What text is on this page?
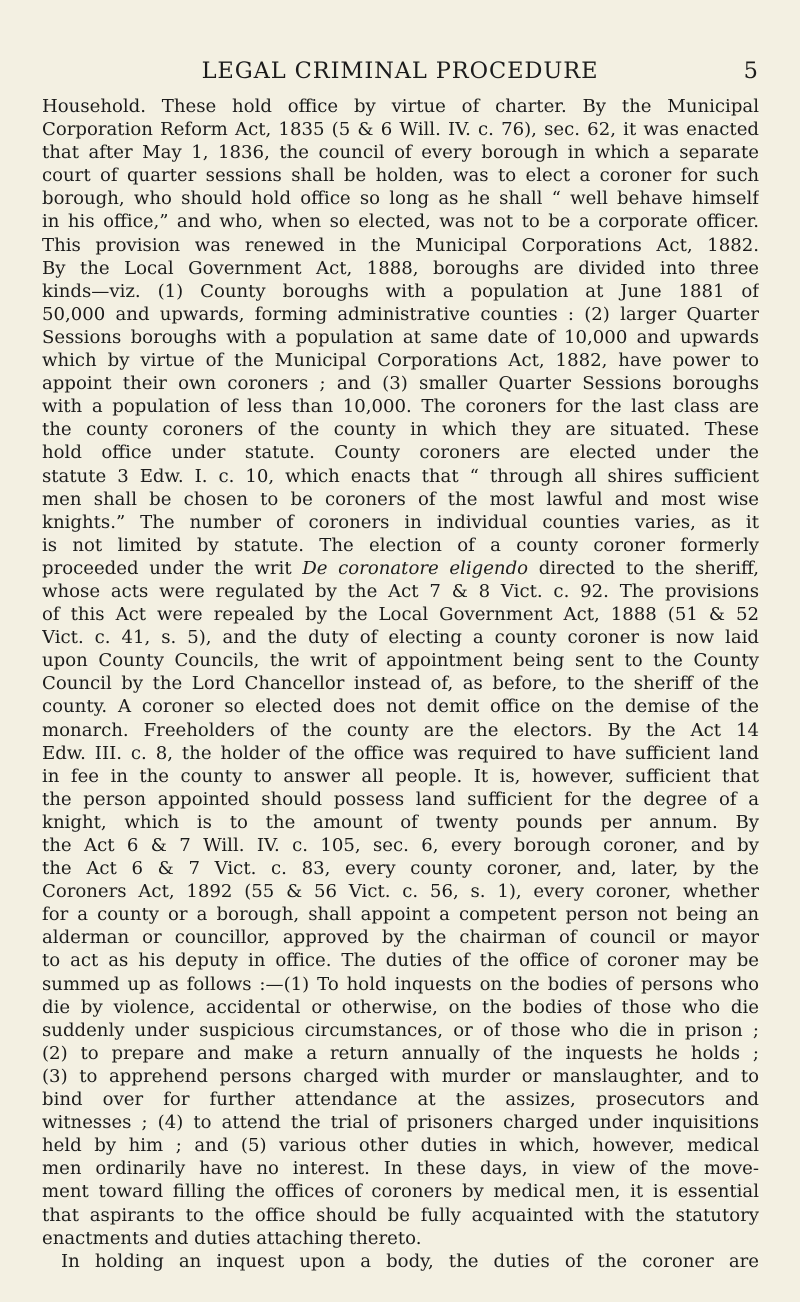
LEGAL CRIMINAL PROCEDURE	5
Household. These hold office by virtue of charter. By the Municipal
Corporation Reform Act, 1835 (5 & 6 Will. IV. c. 76), sec. 62, it was enacted
that after May 1, 1836, the council of every borough in which a separate
court of quarter sessions shall be holden, was to elect a coroner for such
borough, who should hold office so long as he shall “ well behave himself
in his office,” and who, when so elected, was not to be a corporate officer.
This provision was renewed in the Municipal Corporations Act, 1882.
By the Local Government Act, 1888, boroughs are divided into three
kinds—viz. (1) County boroughs with a population at June 1881 of
50,000 and upwards, forming administrative counties : (2) larger Quarter
Sessions boroughs with a population at same date of 10,000 and upwards
which by virtue of the Municipal Corporations Act, 1882, have power to
appoint their own coroners ; and (3) smaller Quarter Sessions boroughs
with a population of less than 10,000. The coroners for the last class are
the county coroners of the county in which they are situated. These
hold office under statute. County coroners are elected under the
statute 3 Edw. I. c. 10, which enacts that “ through all shires sufficient
men shall be chosen to be coroners of the most lawful and most wise
knights.” The number of coroners in individual counties varies, as it
is not limited by statute. The election of a county coroner formerly
proceeded under the writ De coronatore eligendo directed to the sheriff,
whose acts were regulated by the Act 7 & 8 Vict. c. 92. The provisions
of this Act were repealed by the Local Government Act, 1888 (51 & 52
Vict. c. 41, s. 5), and the duty of electing a county coroner is now laid
upon County Councils, the writ of appointment being sent to the County
Council by the Lord Chancellor instead of, as before, to the sheriff of the
county. A coroner so elected does not demit office on the demise of the
monarch. Freeholders of the county are the electors. By the Act 14
Edw. III. c. 8, the holder of the office was required to have sufficient land
in fee in the county to answer all people. It is, however, sufficient that
the person appointed should possess land sufficient for the degree of a
knight, which is to the amount of twenty pounds per annum. By
the Act 6 & 7 Will. IV. c. 105, sec. 6, every borough coroner, and by
the Act 6 & 7 Vict. c. 83, every county coroner, and, later, by the
Coroners Act, 1892 (55 & 56 Vict. c. 56, s. 1), every coroner, whether
for a county or a borough, shall appoint a competent person not being an
alderman or councillor, approved by the chairman of council or mayor
to act as his deputy in office. The duties of the office of coroner may be
summed up as follows :—(1) To hold inquests on the bodies of persons who
die by violence, accidental or otherwise, on the bodies of those who die
suddenly under suspicious circumstances, or of those who die in prison ;
(2) to prepare and make a return annually of the inquests he holds ;
(3) to apprehend persons charged with murder or manslaughter, and to
bind over for further attendance at the assizes, prosecutors and
witnesses ; (4) to attend the trial of prisoners charged under inquisitions
held by him ; and (5) various other duties in which, however, medical
men ordinarily have no interest. In these days, in view of the move-
ment toward filling the offices of coroners by medical men, it is essential
that aspirants to the office should be fully acquainted with the statutory
enactments and duties attaching thereto.
In holding an inquest upon a body, the duties of the coroner are
